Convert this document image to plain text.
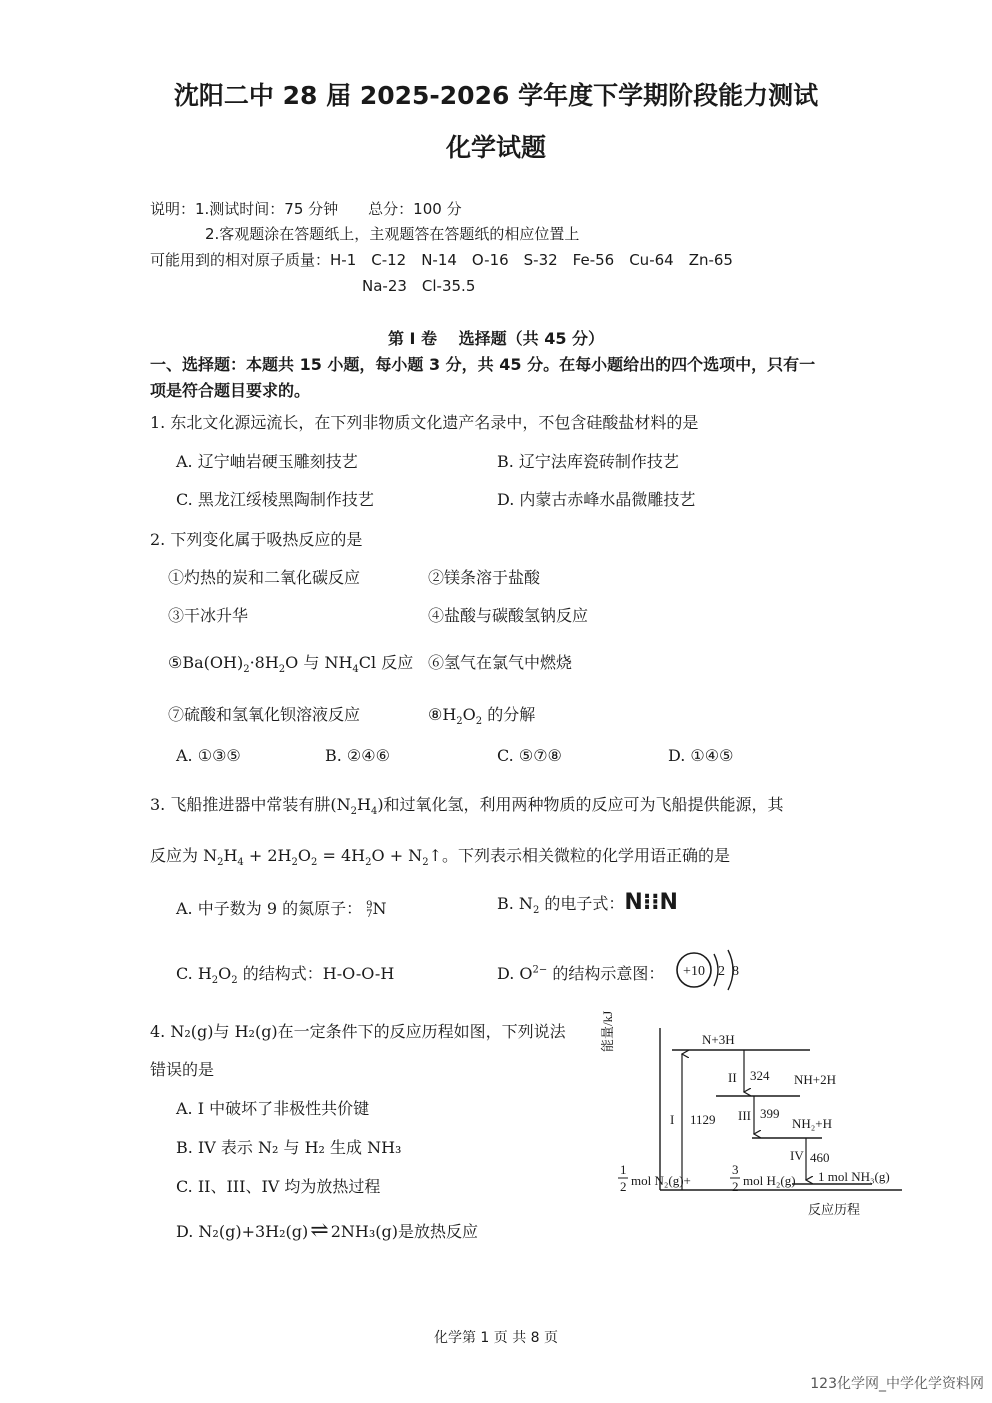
沈阳二中 28 届 2025-2026 学年度下学期阶段能力测试
化学试题
说明：1.测试时间：75 分钟　　总分：100 分
2.客观题涂在答题纸上，主观题答在答题纸的相应位置上
可能用到的相对原子质量：H-1　C-12　N-14　O-16　S-32　Fe-56　Cu-64　Zn-65
Na-23　Cl-35.5
第 I 卷　 选择题（共 45 分）
一、选择题：本题共 15 小题，每小题 3 分，共 45 分。在每小题给出的四个选项中，只有一
项是符合题目要求的。
1. 东北文化源远流长，在下列非物质文化遗产名录中，不包含硅酸盐材料的是
A. 辽宁岫岩硬玉雕刻技艺	B. 辽宁法库瓷砖制作技艺
C. 黑龙江绥棱黑陶制作技艺	D. 内蒙古赤峰水晶微雕技艺
2. 下列变化属于吸热反应的是
①灼热的炭和二氧化碳反应	②镁条溶于盐酸
③干冰升华	④盐酸与碳酸氢钠反应
$⑤Ba(OH)_2\cdot 8H_2O$ 与 $NH_4Cl$ 反应 ⑥氢气在氯气中燃烧
⑦硫酸和氢氧化钡溶液反应	$⑧H_2O_2$ 的分解
A. ①③⑤	B. ②④⑥	C. ⑤⑦⑧	D. ①④⑤
3. 飞船推进器中常装有肼$(N_2H_4)$和过氧化氢，利用两种物质的反应可为飞船提供能源，其
反应为 $N_2H_4 + 2H_2O_2 = 4H_2O$ + $N_2↑$。下列表示相关微粒的化学用语正确的是
A. 中子数为 9 的氮原子： 9
7 N	B. $N_2$ 的电子式：N⁝⁝N
C. $H_2O_2$ 的结构式：H-O-O-H	D. $O^{2-}$ 的结构示意图： +10 2 8
4. N₂(g)与 H₂(g)在一定条件下的反应历程如图，下列说法
错误的是
A. I 中破坏了非极性共价键
B. IV 表示 N₂ 与 H₂ 生成 NH₃
C. II、III、IV 均为放热过程
D. N₂(g)+3H₂(g)⇌ 2NH₃(g)是放热反应
能量/kJ
反应历程
N+3H
NH+2H
NH₂+H
1 mol NH₃(g)
1
2 mol N₂(g)+
3
2 mol H₂(g)
I 1129
II 324
III 399
IV 460
化学第 1 页 共 8 页
123化学网_中学化学资料网
